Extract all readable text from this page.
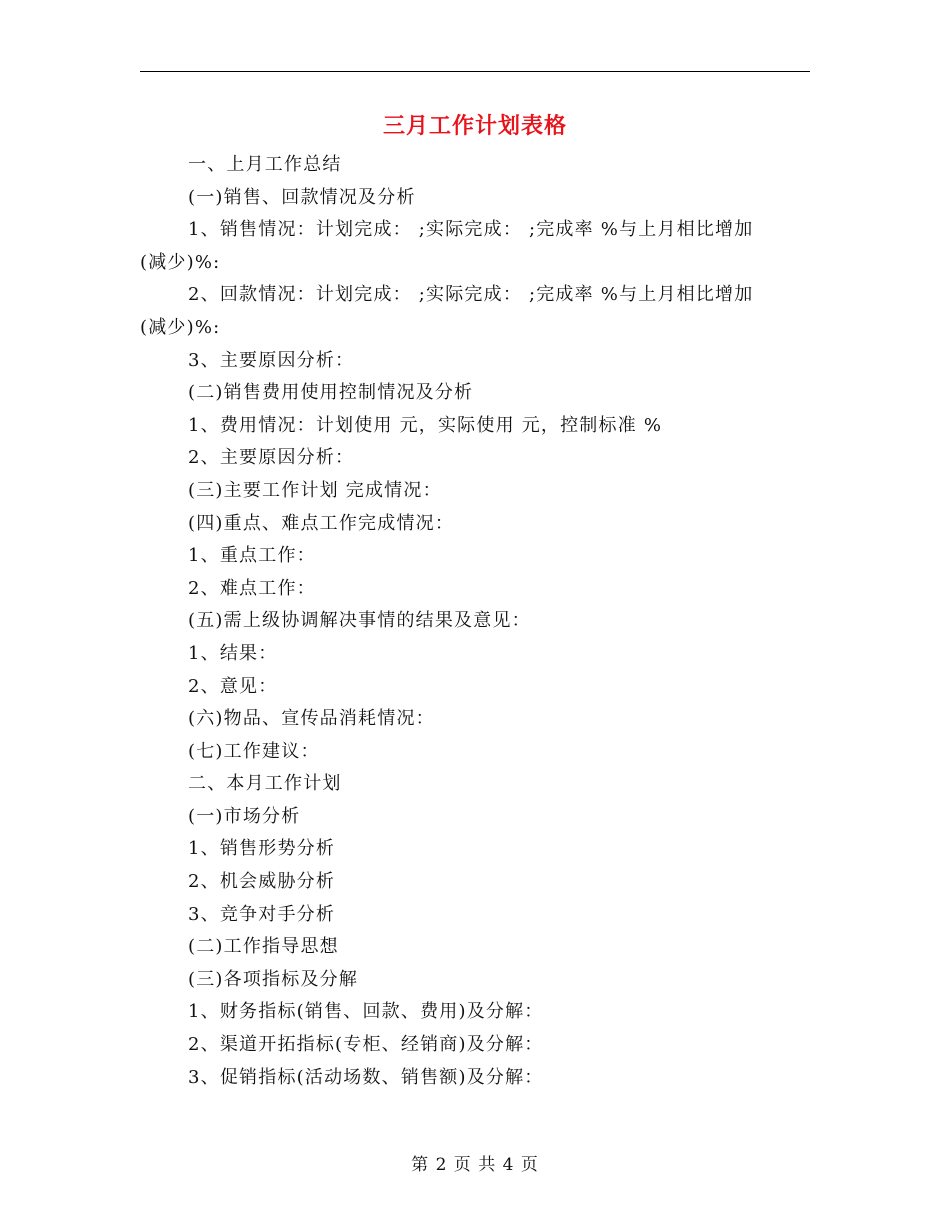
三月工作计划表格
一、上月工作总结
(一)销售、回款情况及分析
1、销售情况：计划完成： ;实际完成： ;完成率 %与上月相比增加
(减少)%:
2、回款情况：计划完成： ;实际完成： ;完成率 %与上月相比增加
(减少)%:
3、主要原因分析：
(二)销售费用使用控制情况及分析
1、费用情况：计划使用 元，实际使用 元，控制标准 %
2、主要原因分析：
(三)主要工作计划 完成情况：
(四)重点、难点工作完成情况：
1、重点工作：
2、难点工作：
(五)需上级协调解决事情的结果及意见：
1、结果：
2、意见：
(六)物品、宣传品消耗情况：
(七)工作建议：
二、本月工作计划
(一)市场分析
1、销售形势分析
2、机会威胁分析
3、竞争对手分析
(二)工作指导思想
(三)各项指标及分解
1、财务指标(销售、回款、费用)及分解：
2、渠道开拓指标(专柜、经销商)及分解：
3、促销指标(活动场数、销售额)及分解：
第 2 页 共 4 页
